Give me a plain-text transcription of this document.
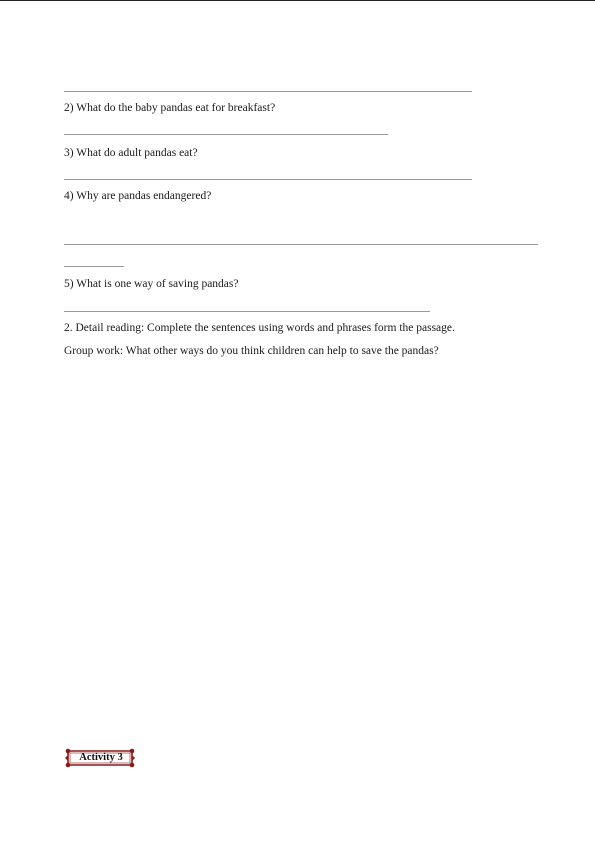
2) What do the baby pandas eat for breakfast?
3) What do adult pandas eat?
4) Why are pandas endangered?
5) What is one way of saving pandas?
2. Detail reading: Complete the sentences using words and phrases form the passage.
Group work: What other ways do you think children can help to save the pandas?
Activity 3
